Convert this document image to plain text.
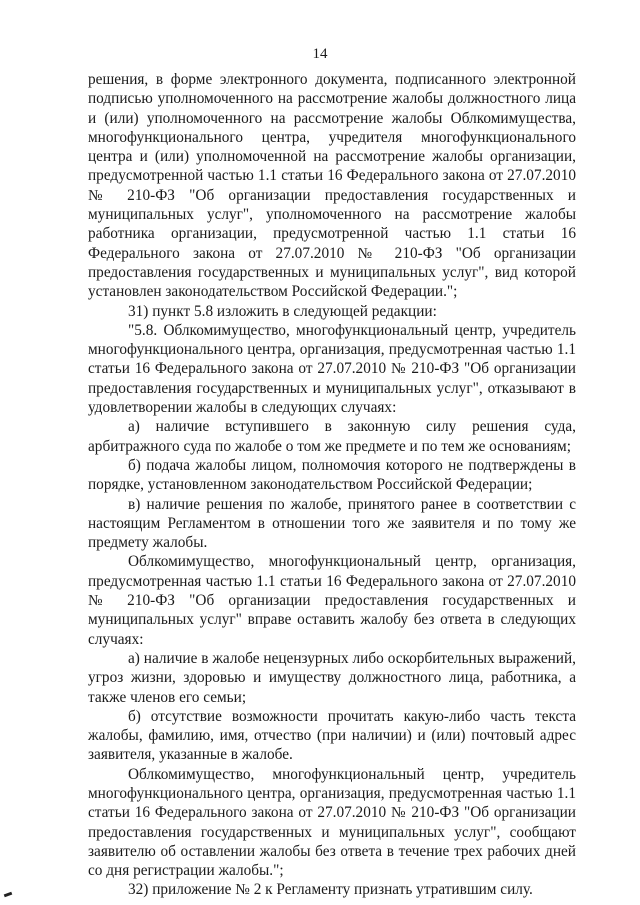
14

решения, в форме электронного документа, подписанного электронной подписью уполномоченного на рассмотрение жалобы должностного лица и (или) уполномоченного на рассмотрение жалобы Облкомимущества, многофункционального центра, учредителя многофункционального центра и (или) уполномоченной на рассмотрение жалобы организации, предусмотренной частью 1.1 статьи 16 Федерального закона от 27.07.2010 № 210-ФЗ "Об организации предоставления государственных и муниципальных услуг", уполномоченного на рассмотрение жалобы работника организации, предусмотренной частью 1.1 статьи 16 Федерального закона от 27.07.2010 № 210-ФЗ "Об организации предоставления государственных и муниципальных услуг", вид которой установлен законодательством Российской Федерации.";

31) пункт 5.8 изложить в следующей редакции:

"5.8. Облкомимущество, многофункциональный центр, учредитель многофункционального центра, организация, предусмотренная частью 1.1 статьи 16 Федерального закона от 27.07.2010 № 210-ФЗ "Об организации предоставления государственных и муниципальных услуг", отказывают в удовлетворении жалобы в следующих случаях:

а) наличие вступившего в законную силу решения суда, арбитражного суда по жалобе о том же предмете и по тем же основаниям;

б) подача жалобы лицом, полномочия которого не подтверждены в порядке, установленном законодательством Российской Федерации;

в) наличие решения по жалобе, принятого ранее в соответствии с настоящим Регламентом в отношении того же заявителя и по тому же предмету жалобы.

Облкомимущество, многофункциональный центр, организация, предусмотренная частью 1.1 статьи 16 Федерального закона от 27.07.2010 № 210-ФЗ "Об организации предоставления государственных и муниципальных услуг" вправе оставить жалобу без ответа в следующих случаях:

а) наличие в жалобе нецензурных либо оскорбительных выражений, угроз жизни, здоровью и имуществу должностного лица, работника, а также членов его семьи;

б) отсутствие возможности прочитать какую-либо часть текста жалобы, фамилию, имя, отчество (при наличии) и (или) почтовый адрес заявителя, указанные в жалобе.

Облкомимущество, многофункциональный центр, учредитель многофункционального центра, организация, предусмотренная частью 1.1 статьи 16 Федерального закона от 27.07.2010 № 210-ФЗ "Об организации предоставления государственных и муниципальных услуг", сообщают заявителю об оставлении жалобы без ответа в течение трех рабочих дней со дня регистрации жалобы.";

32) приложение № 2 к Регламенту признать утратившим силу.
